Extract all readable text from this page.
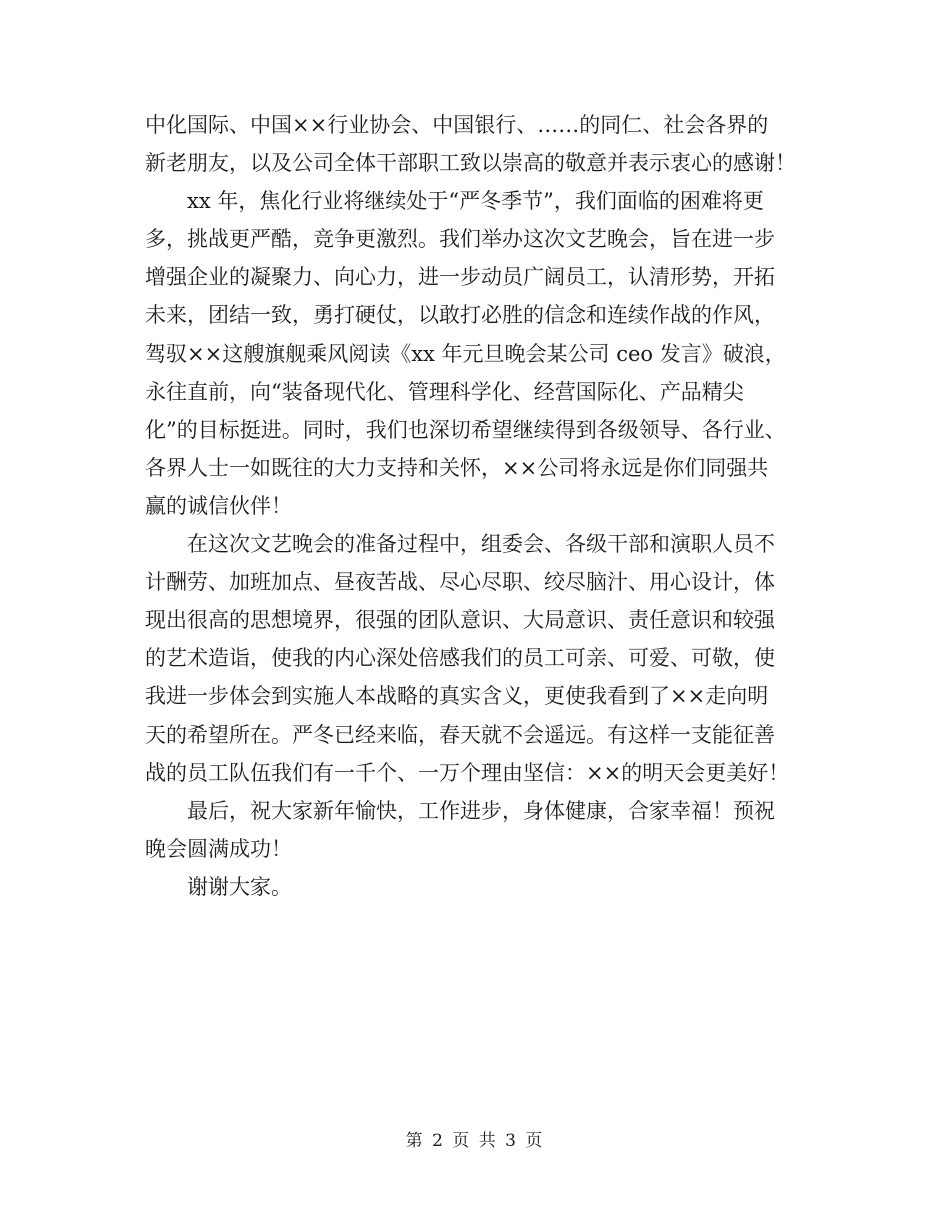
中化国际、中国××行业协会、中国银行、……的同仁、社会各界的
新老朋友，以及公司全体干部职工致以崇高的敬意并表示衷心的感谢！
xx 年，焦化行业将继续处于“严冬季节”，我们面临的困难将更
多，挑战更严酷，竞争更激烈。我们举办这次文艺晚会，旨在进一步
增强企业的凝聚力、向心力，进一步动员广阔员工，认清形势，开拓
未来，团结一致，勇打硬仗，以敢打必胜的信念和连续作战的作风，
驾驭××这艘旗舰乘风阅读《xx 年元旦晚会某公司 ceo 发言》破浪，
永往直前，向“装备现代化、管理科学化、经营国际化、产品精尖
化”的目标挺进。同时，我们也深切希望继续得到各级领导、各行业、
各界人士一如既往的大力支持和关怀，××公司将永远是你们同强共
赢的诚信伙伴！
在这次文艺晚会的准备过程中，组委会、各级干部和演职人员不
计酬劳、加班加点、昼夜苦战、尽心尽职、绞尽脑汁、用心设计，体
现出很高的思想境界，很强的团队意识、大局意识、责任意识和较强
的艺术造诣，使我的内心深处倍感我们的员工可亲、可爱、可敬，使
我进一步体会到实施人本战略的真实含义，更使我看到了××走向明
天的希望所在。严冬已经来临，春天就不会遥远。有这样一支能征善
战的员工队伍我们有一千个、一万个理由坚信：××的明天会更美好！
最后，祝大家新年愉快，工作进步，身体健康，合家幸福！预祝
晚会圆满成功！
谢谢大家。
第 2 页 共 3 页
